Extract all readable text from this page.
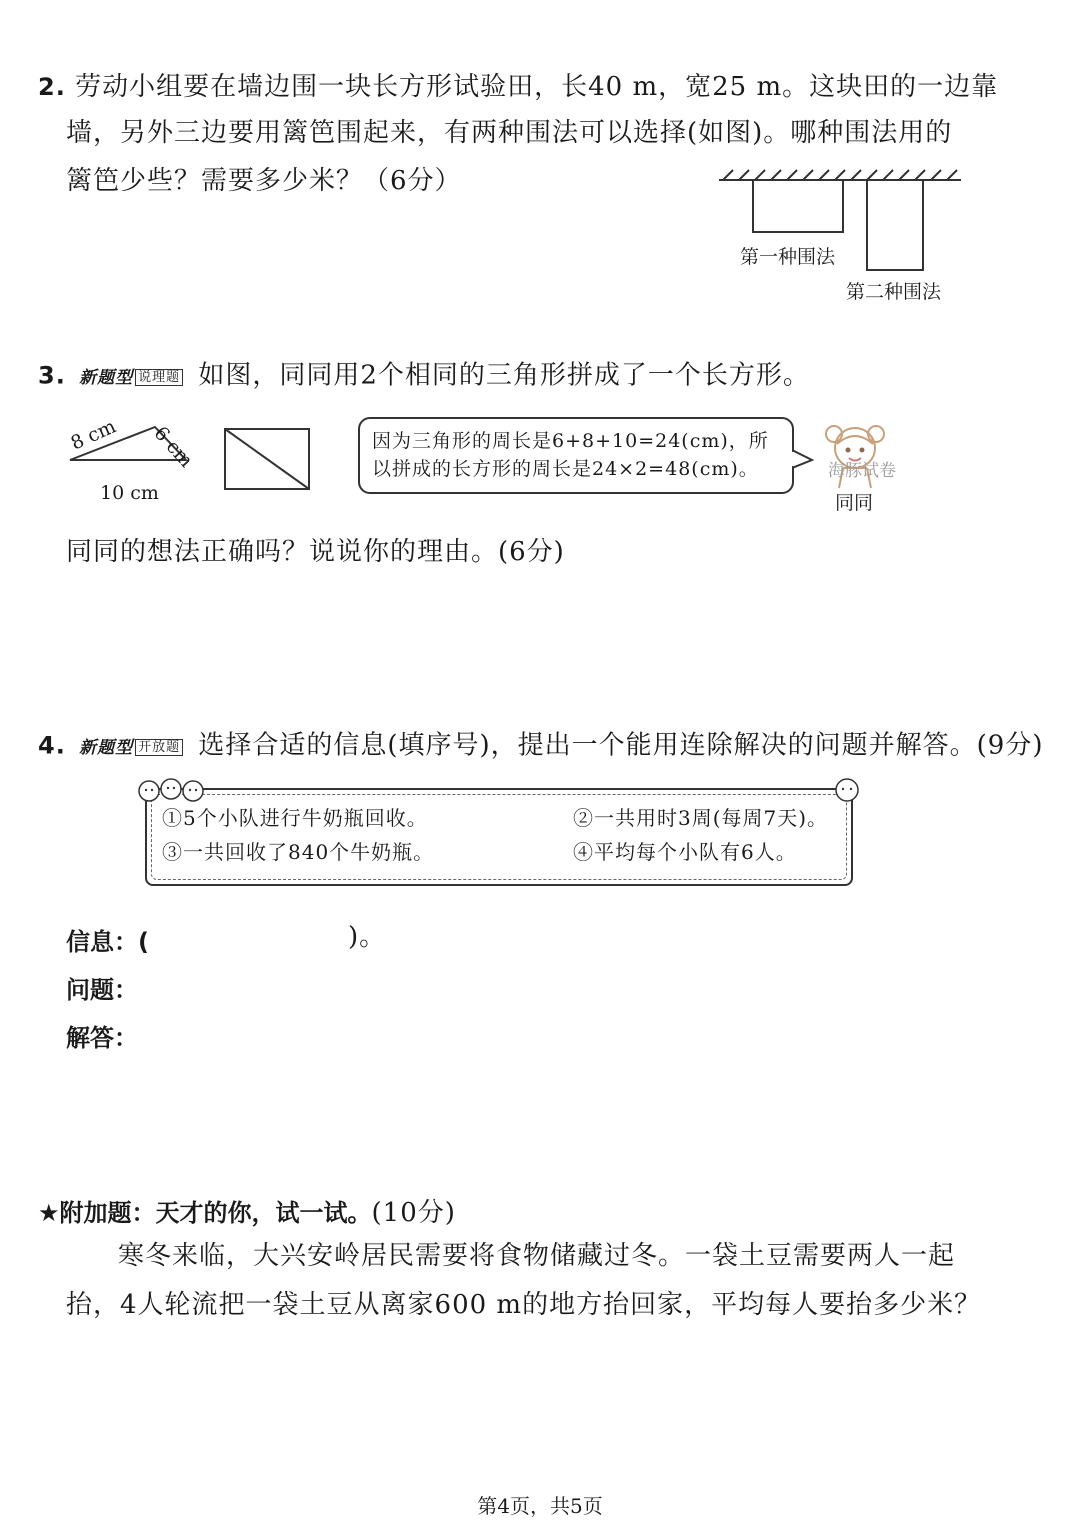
2. 劳动小组要在墙边围一块长方形试验田，长40 m，宽25 m。这块田的一边靠
墙，另外三边要用篱笆围起来，有两种围法可以选择(如图)。哪种围法用的
篱笆少些？需要多少米？（6分）
第一种围法
第二种围法
3. 新题型 说理题 如图，同同用2个相同的三角形拼成了一个长方形。
8 cm 6 cm
10 cm
因为三角形的周长是6+8+10=24(cm)，所
以拼成的长方形的周长是24×2=48(cm)。	海豚试卷
同同
同同的想法正确吗？说说你的理由。(6分)
4. 新题型 开放题 选择合适的信息(填序号)，提出一个能用连除解决的问题并解答。(9分)
①5个小队进行牛奶瓶回收。	②一共用时3周(每周7天)。
③一共回收了840个牛奶瓶。	④平均每个小队有6人。
信息：(	)。
问题：
解答：
★附加题：天才的你，试一试。(10分)
寒冬来临，大兴安岭居民需要将食物储藏过冬。一袋土豆需要两人一起
抬，4人轮流把一袋土豆从离家600 m的地方抬回家，平均每人要抬多少米？
第4页，共5页
